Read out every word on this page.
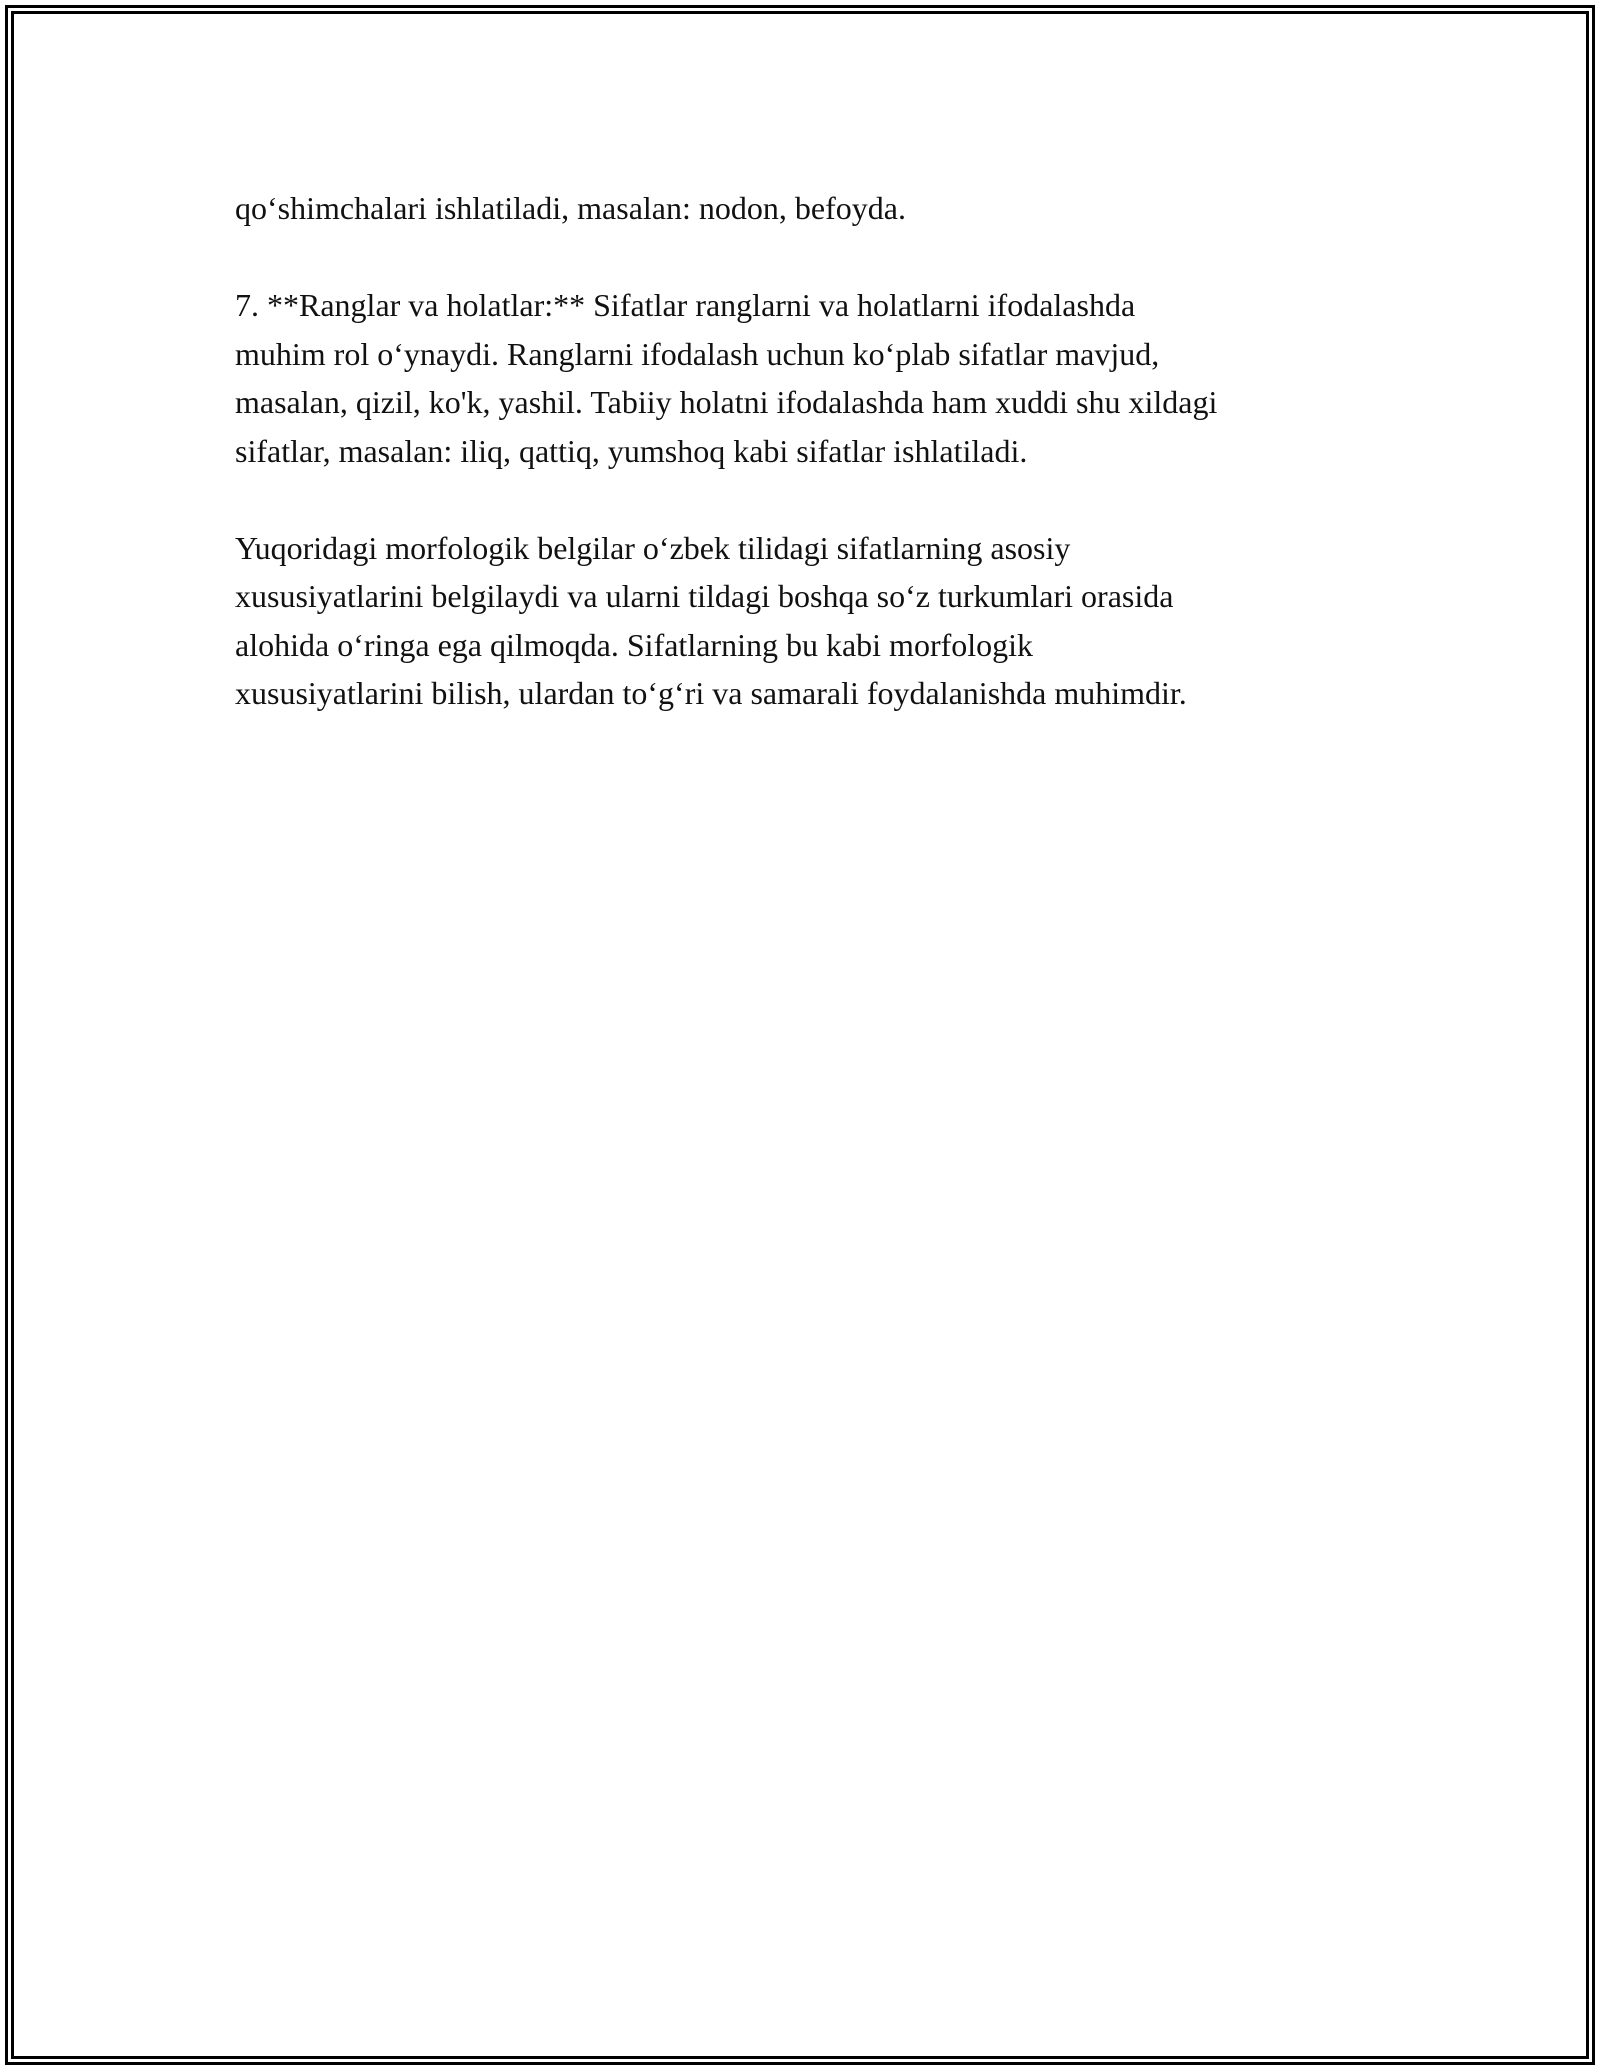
qo‘shimchalari ishlatiladi, masalan: nodon, befoyda.
7. **Ranglar va holatlar:** Sifatlar ranglarni va holatlarni ifodalashda
muhim rol o‘ynaydi. Ranglarni ifodalash uchun ko‘plab sifatlar mavjud,
masalan, qizil, ko'k, yashil. Tabiiy holatni ifodalashda ham xuddi shu xildagi
sifatlar, masalan: iliq, qattiq, yumshoq kabi sifatlar ishlatiladi.
Yuqoridagi morfologik belgilar o‘zbek tilidagi sifatlarning asosiy
xususiyatlarini belgilaydi va ularni tildagi boshqa so‘z turkumlari orasida
alohida o‘ringa ega qilmoqda. Sifatlarning bu kabi morfologik
xususiyatlarini bilish, ulardan to‘g‘ri va samarali foydalanishda muhimdir.
